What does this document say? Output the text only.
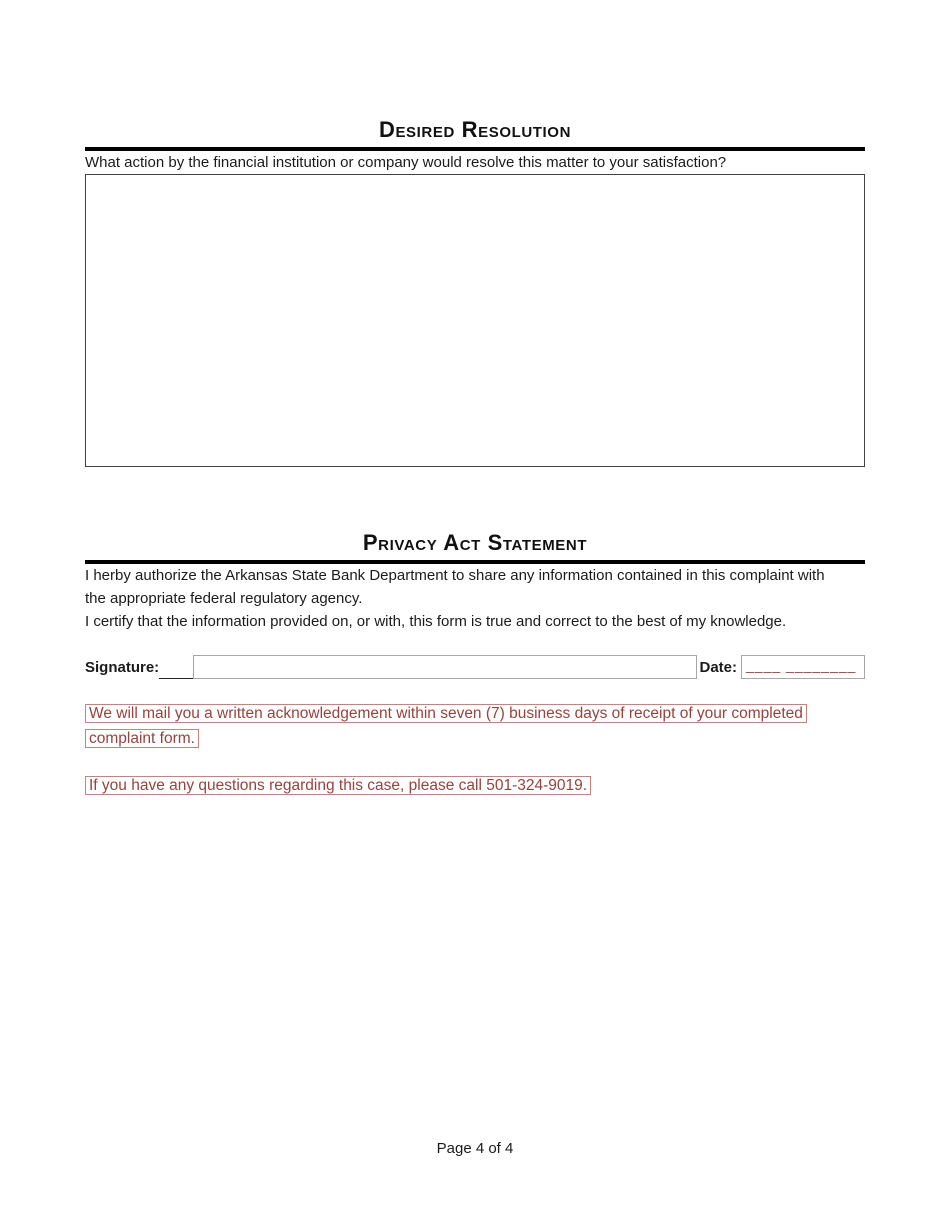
Desired Resolution

What action by the financial institution or company would resolve this matter to your satisfaction?

Privacy Act Statement

I herby authorize the Arkansas State Bank Department to share any information contained in this complaint with the appropriate federal regulatory agency.

I certify that the information provided on, or with, this form is true and correct to the best of my knowledge.

Signature:	Date: ____ ________

We will mail you a written acknowledgement within seven (7) business days of receipt of your completed complaint form.

If you have any questions regarding this case, please call 501-324-9019.

Page 4 of 4
